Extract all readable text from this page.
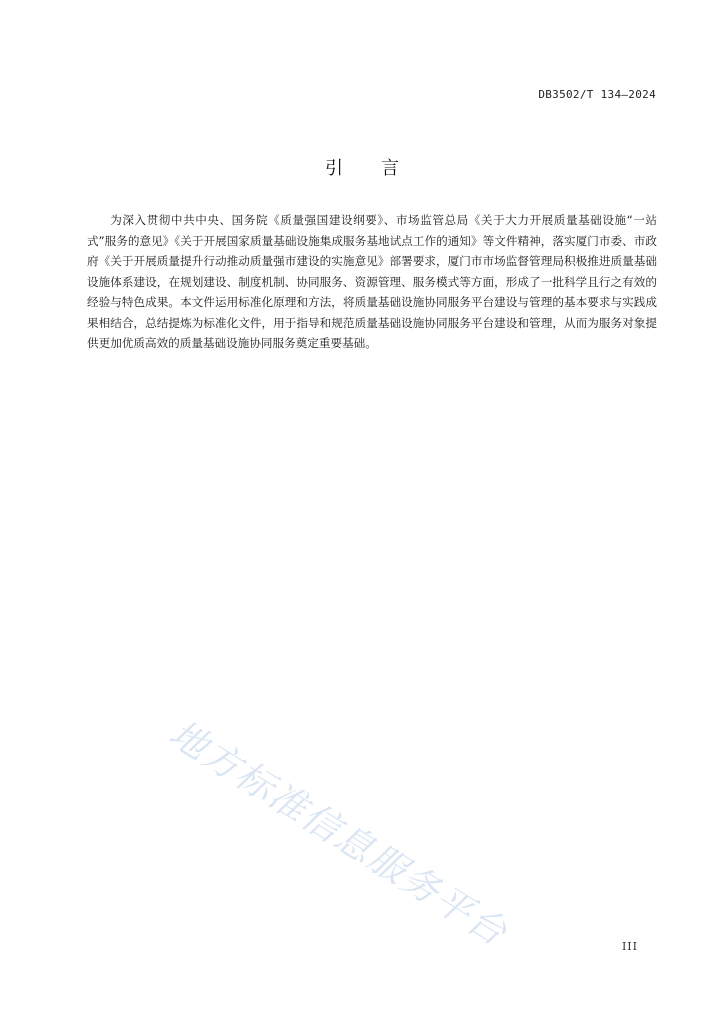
DB3502/T 134—2024
引 言

为深入贯彻中共中央、国务院《质量强国建设纲要》、市场监管总局《关于大力开展质量基础设施“一站式”服务的意见》《关于开展国家质量基础设施集成服务基地试点工作的通知》等文件精神，落实厦门市委、市政府《关于开展质量提升行动推动质量强市建设的实施意见》部署要求，厦门市市场监督管理局积极推进质量基础设施体系建设，在规划建设、制度机制、协同服务、资源管理、服务模式等方面，形成了一批科学且行之有效的经验与特色成果。本文件运用标准化原理和方法，将质量基础设施协同服务平台建设与管理的基本要求与实践成果相结合，总结提炼为标准化文件，用于指导和规范质量基础设施协同服务平台建设和管理，从而为服务对象提供更加优质高效的质量基础设施协同服务奠定重要基础。

地方标准信息服务平台	III
